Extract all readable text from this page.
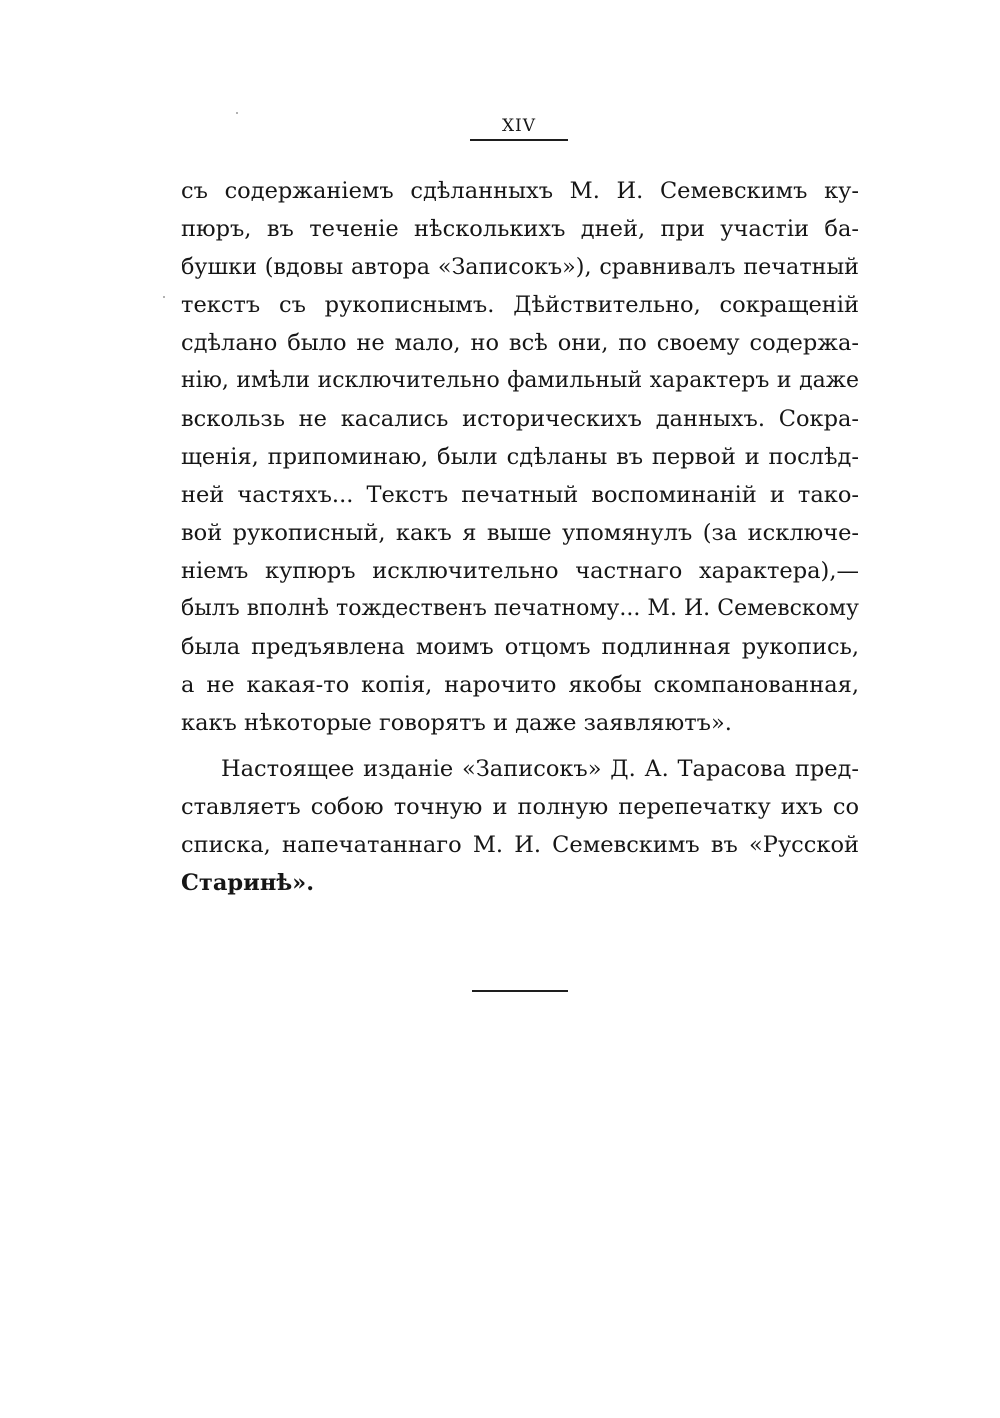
XIV
съ содержаніемъ сдѣланныхъ М. И. Семевскимъ ку-
пюръ, въ теченіе нѣсколькихъ дней, при участіи ба-
бушки (вдовы автора «Записокъ»), сравнивалъ печатный
текстъ съ рукописнымъ. Дѣйствительно, сокращеній
сдѣлано было не мало, но всѣ они, по своему содержа-
нію, имѣли исключительно фамильный характеръ и даже
вскользь не касались историческихъ данныхъ. Сокра-
щенія, припоминаю, были сдѣланы въ первой и послѣд-
ней частяхъ... Текстъ печатный воспоминаній и тако-
вой рукописный, какъ я выше упомянулъ (за исключе-
ніемъ купюръ исключительно частнаго характера),—
былъ вполнѣ тождественъ печатному... М. И. Семевскому
была предъявлена моимъ отцомъ подлинная рукопись,
а не какая-то копія, нарочито якобы скомпанованная,
какъ нѣкоторые говорятъ и даже заявляютъ».
Настоящее изданіе «Записокъ» Д. А. Тарасова пред-
ставляетъ собою точную и полную перепечатку ихъ со
списка, напечатаннаго М. И. Семевскимъ въ «Русской
Старинѣ».
